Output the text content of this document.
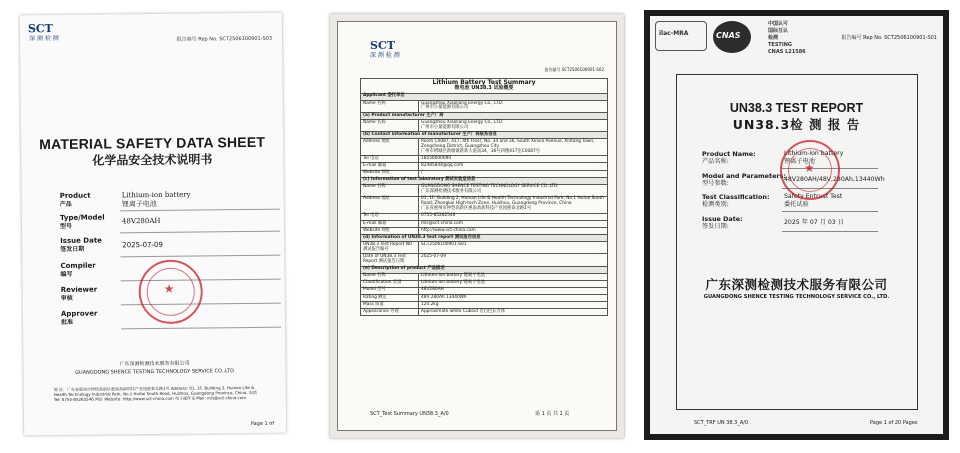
SCT
深 测 检 测	报告编号 Rep No. SCT2506100901-S03
MATERIAL SAFETY DATA SHEET
化学品安全技术说明书
Product
产品
Lithium-ion battery
锂离子电池
Type/Model
型号
48V280AH
Issue Date
签发日期
2025-07-09
Compiler
编写
Reviewer
审核
Approver
批准
★
广东深测检测技术服务有限公司
GUANGDONG SHENCE TESTING TECHNOLOGY SERVICE CO.,LTD
地 址：广东省惠州市仲恺高新区惠南高新科技产业园惠泰北路1号 Address: 01, 1F, Building 2, Huinan Lite & Health Technology Industrial Park, No.1 Huitai South Road, Huizhou, Guangdong Province, China. 电话 Tel: 0755-85262546 网址 Website: http://www.sct-china.com 电子邮件 E-Mail: mls@sct-china.com
Page 1 of
SCT
深 测 检 测
报告编号 SCT2506100901-S02
Lithium Battery Test Summary
锂电池 UN38.3 试验概要	

Applicant 委托单位	
Name 名称	Guangzhou Xiaoliang Energy Co., LTD.
广州市小量能源有限公司

(a) Product manufacturer 生产厂商	
Name 名称	Guangzhou Xiaoliang Energy Co., LTD.
广州市小量能源有限公司

(b) Contact information of manufacturer 生产厂商联系信息	
Address 地址	Room C0087, 417, 4th Floor, No. 34 and 36, South Xinxin Avenue, Xintang Town, Zengcheng District, Guangzhou City
广州市增城区新塘镇新新大道南34、36号四楼417室C0087号

Tel 电话	18556600090

E-mail 邮箱	82485844@qq.com

Website 网址	/

(c) Information of test laboratory 测试实验室信息	
Name 名称	GUANGDONG SHENCE TESTING TECHNOLOGY SERVICE CO.,LTD.
广东深测检测技术服务有限公司

Address 地址	01, 1F, Building 2, Huinan Life & Health Technology Industrial Park, No.1 Huitai South Road, Zhongkai High-tech Zone, Huizhou, Guangdong Province, China
广东省惠州市仲恺高新区惠南高新科技产业园惠泰北路1号

Tel 电话	0755-85262546

E-mail 邮箱	mls@sct-china.com

Website 网址	http://www.sct-china.com

(d) Information of UN38.3 test report 测试报告信息	
UN38.3 Test Report NO 测试报告编号	SCT2506100901-S01

Date of UN38.3 Test Report 测试报告日期	2025-07-09

(e) Description of product 产品描述	
Name 名称	Lithium-ion battery 锂离子电池

Classification 类别	Lithium ion battery 锂离子电池

Model 型号	48V280AH

Rating 额定	48V 280Ah 13440Wh

Mass 质量	120.2kg

Appearance 外观	Approximate white Cuboid 近白色长方体
SCT_Test Summary UN38.3_A/0	第 1 页 共 1 页
ilac-MRA	CNAS
中国认可
国际互认
检测
TESTING
CNAS L21586
报告编号 Rep No. SCT2506100901-S01
UN38.3 TEST REPORT
UN38.3检 测 报 告
Product Name:
产品名称:
Lithium-ion battery
锂离子电池
Model and Parameters:
型号参数:
48V280AH/48V,280Ah,13440Wh
Test Classification:
检测类别:
Safety Entrust Test
委托试验
Issue Date:
签发日期:
2025 年 07 月 03 日
★
广东深测检测技术服务有限公司
GUANGDONG SHENCE TESTING TECHNOLOGY SERVICE CO., LTD.
SCT_TRF UN 38.3_A/0	Page 1 of 20 Pages
